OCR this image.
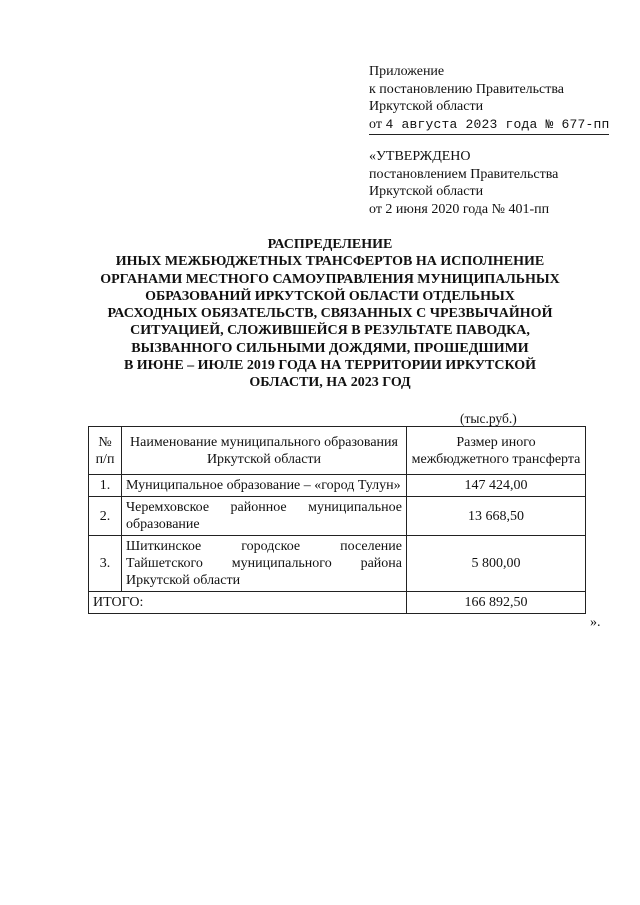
Приложение
к постановлению Правительства
Иркутской области
от 4 августа 2023 года № 677-пп
«УТВЕРЖДЕНО
постановлением Правительства
Иркутской области
от 2 июня 2020 года № 401-пп
РАСПРЕДЕЛЕНИЕ
ИНЫХ МЕЖБЮДЖЕТНЫХ ТРАНСФЕРТОВ НА ИСПОЛНЕНИЕ
ОРГАНАМИ МЕСТНОГО САМОУПРАВЛЕНИЯ МУНИЦИПАЛЬНЫХ
ОБРАЗОВАНИЙ ИРКУТСКОЙ ОБЛАСТИ ОТДЕЛЬНЫХ
РАСХОДНЫХ ОБЯЗАТЕЛЬСТВ, СВЯЗАННЫХ С ЧРЕЗВЫЧАЙНОЙ
СИТУАЦИЕЙ, СЛОЖИВШЕЙСЯ В РЕЗУЛЬТАТЕ ПАВОДКА,
ВЫЗВАННОГО СИЛЬНЫМИ ДОЖДЯМИ, ПРОШЕДШИМИ
В ИЮНЕ – ИЮЛЕ 2019 ГОДА НА ТЕРРИТОРИИ ИРКУТСКОЙ
ОБЛАСТИ, НА 2023 ГОД
(тыс.руб.)
№ п/п	Наименование муниципального образования Иркутской области	Размер иного межбюджетного трансферта
1.	Муниципальное образование – «город Тулун»	147 424,00
2.	Черемховское районное муниципальное образование	13 668,50
3.	Шиткинское городское поселение Тайшетского муниципального района Иркутской области	5 800,00
ИТОГО:		166 892,50
».
